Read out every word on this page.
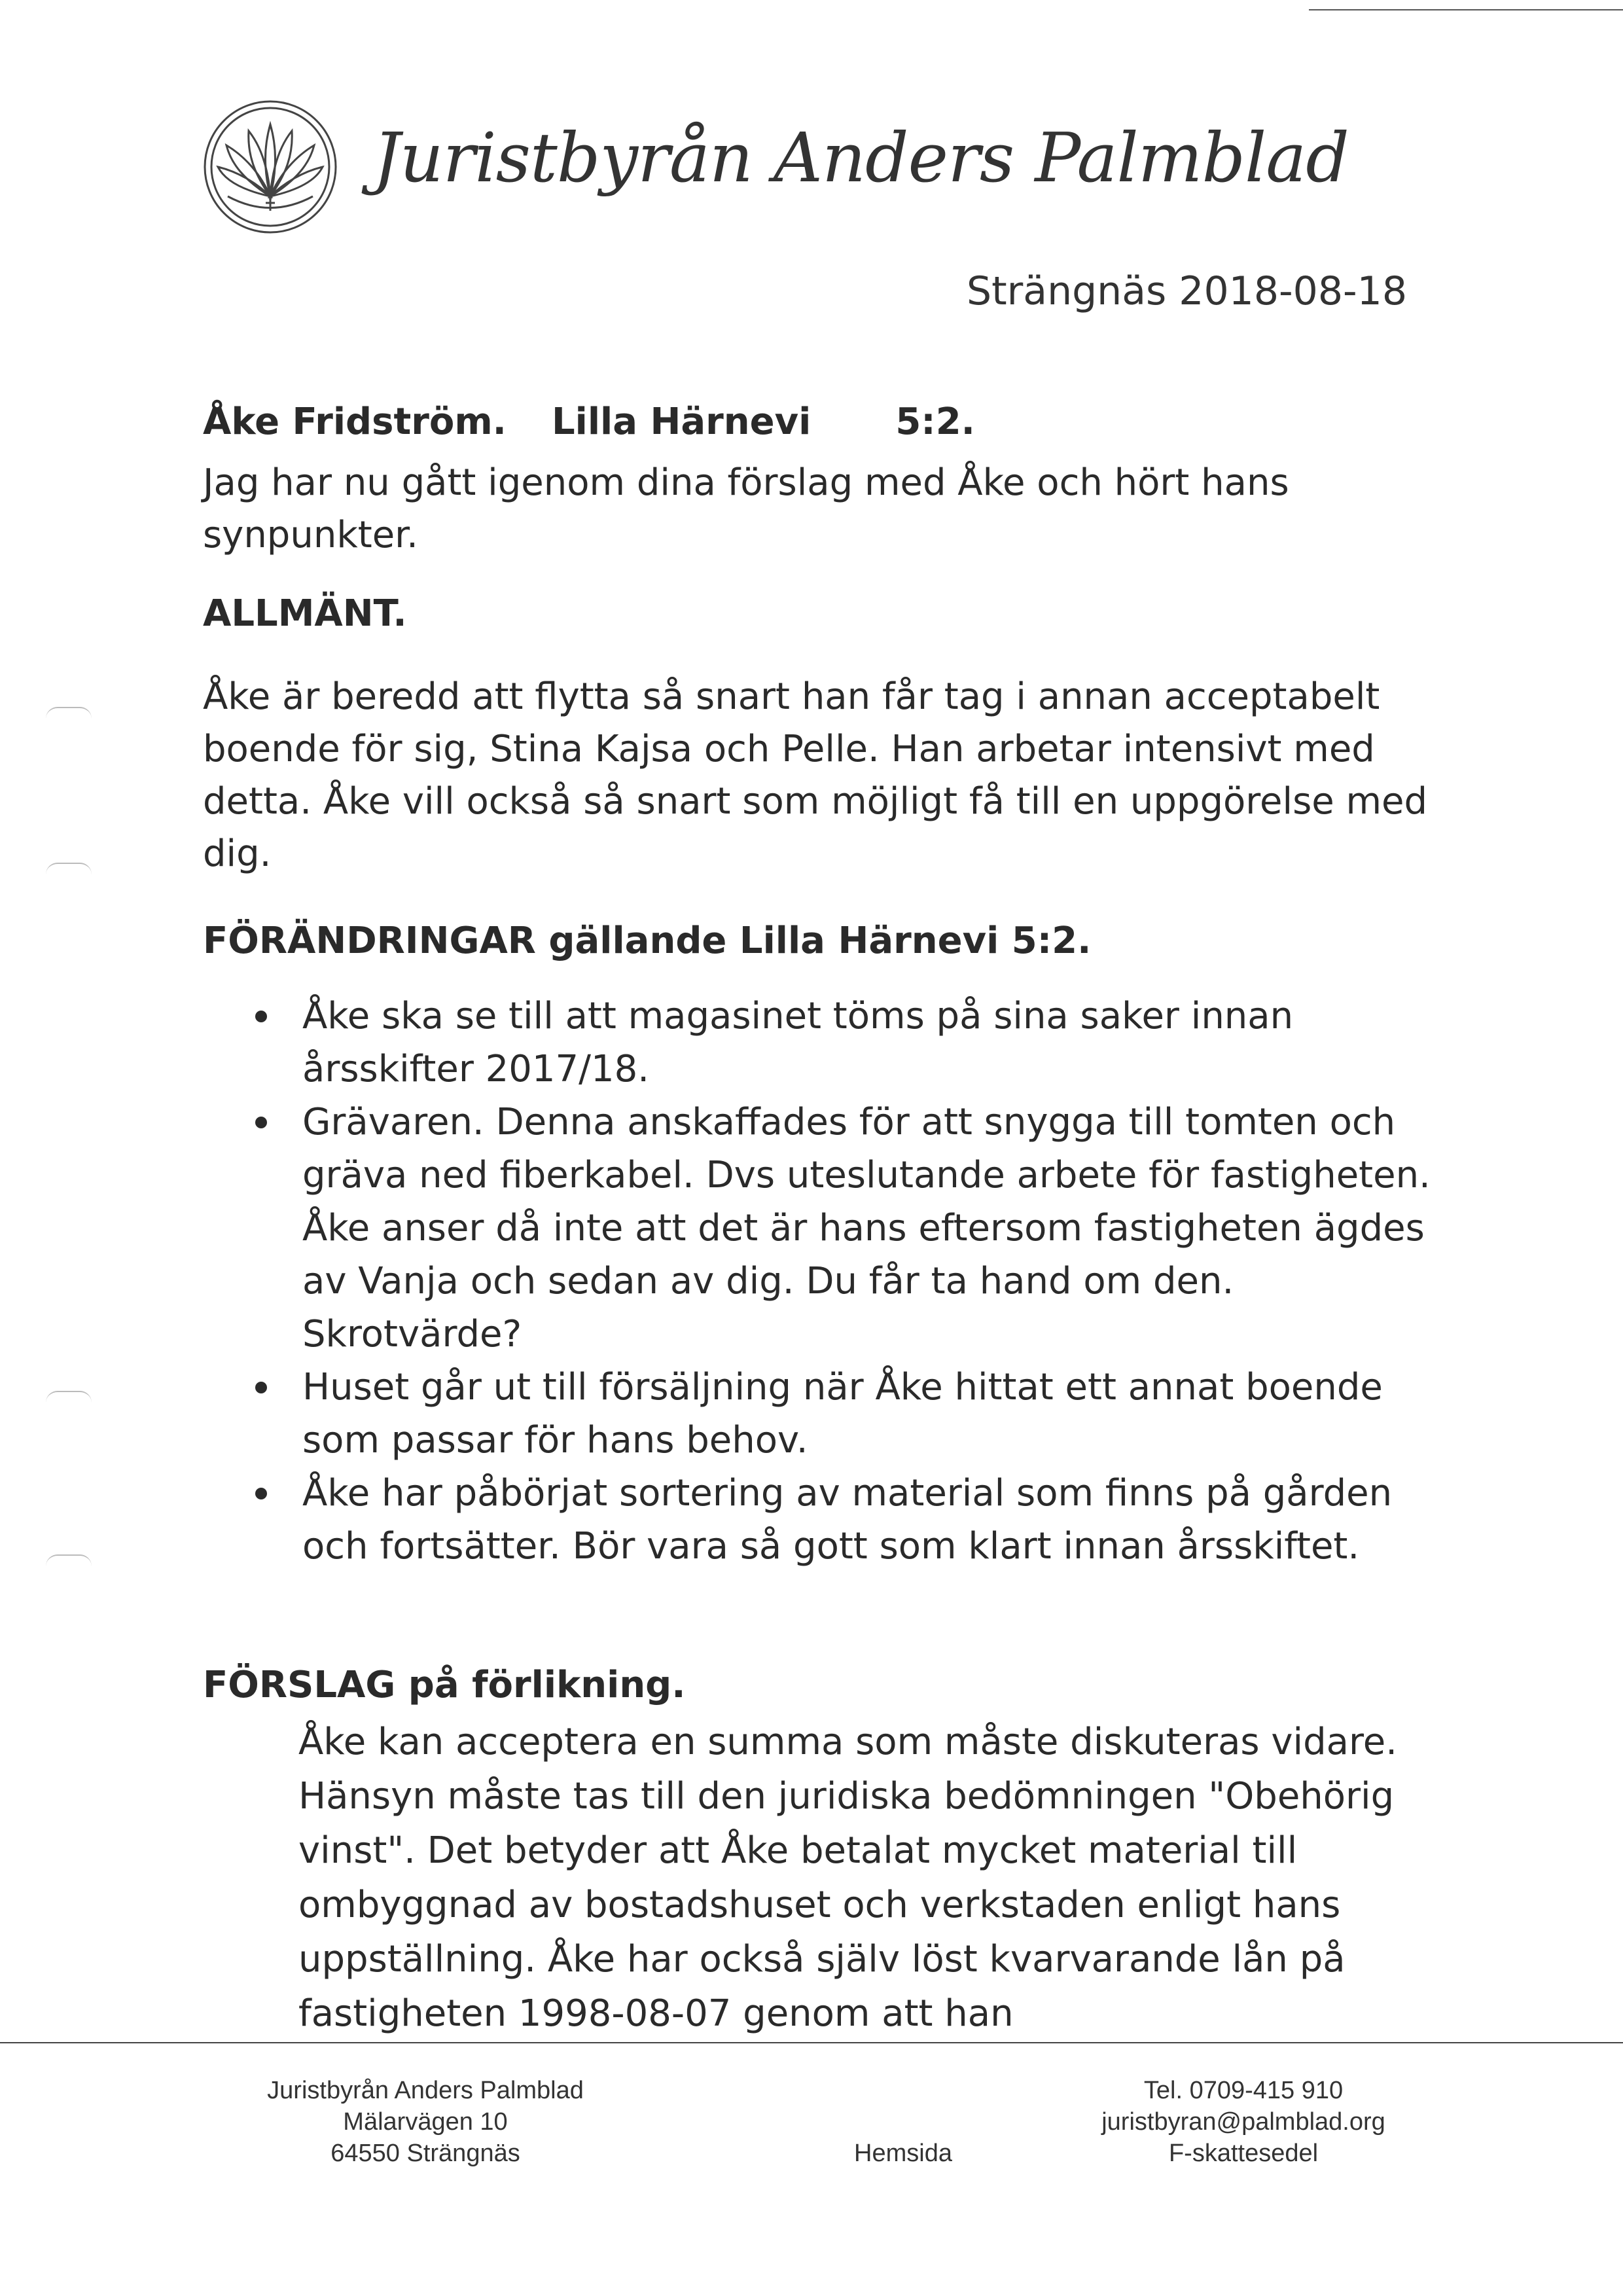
Juristbyrån Anders Palmblad
Strängnäs 2018-08-18
Åke Fridström. Lilla Härnevi 5:2.
Jag har nu gått igenom dina förslag med Åke och hört hans synpunkter.
ALLMÄNT.
Åke är beredd att flytta så snart han får tag i annan acceptabelt boende för sig, Stina Kajsa och Pelle. Han arbetar intensivt med detta. Åke vill också så snart som möjligt få till en uppgörelse med dig.
FÖRÄNDRINGAR gällande Lilla Härnevi 5:2.
Åke ska se till att magasinet töms på sina saker innan årsskifter 2017/18.
Grävaren. Denna anskaffades för att snygga till tomten och gräva ned fiberkabel. Dvs uteslutande arbete för fastigheten. Åke anser då inte att det är hans eftersom fastigheten ägdes av Vanja och sedan av dig. Du får ta hand om den. Skrotvärde?
Huset går ut till försäljning när Åke hittat ett annat boende som passar för hans behov.
Åke har påbörjat sortering av material som finns på gården och fortsätter. Bör vara så gott som klart innan årsskiftet.
FÖRSLAG på förlikning.
Åke kan acceptera en summa som måste diskuteras vidare. Hänsyn måste tas till den juridiska bedömningen "Obehörig vinst". Det betyder att Åke betalat mycket material till ombyggnad av bostadshuset och verkstaden enligt hans uppställning. Åke har också själv löst kvarvarande lån på fastigheten 1998-08-07 genom att han
Juristbyrån Anders Palmblad
Mälarvägen 10
64550 Strängnäs	Hemsida
Tel. 0709-415 910
juristbyran@palmblad.org
F-skattesedel
